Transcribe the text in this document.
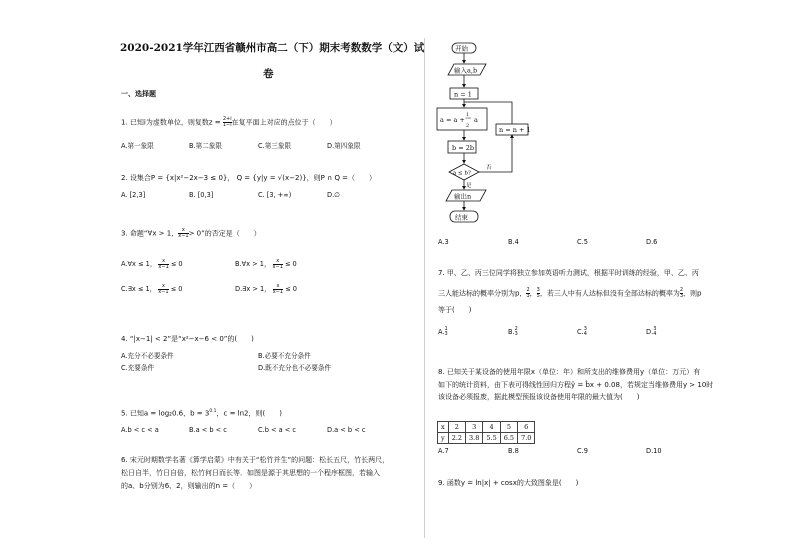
2020-2021学年江西省赣州市高二（下）期末考数数学（文）试
卷
一、选择题
1. 已知i为虚数单位，则复数$z = \frac{2+i}{1-i}$ 在复平面上对应的点位于（　　）
A.第一象限	B.第二象限	C.第三象限	D.第四象限
2. 设集合P = {x|x²−2x−3 ≤ 0}， Q = {y|y = √(x−2)}，则P ∩ Q =（　　）
A. [2,3]	B. [0,3]	C. [3, +∞)	D.∅
3. 命题“∀x > 1， $\frac{x}{x-1} > 0$”的否定是（　　）
A.∀x ≤ 1， $\frac{x}{x-1} \le 0$	B.∀x > 1， $\frac{x}{x-1} \le 0$
C.∃x ≤ 1， $\frac{x}{x-1} \le 0$	D.∃x > 1， $\frac{x}{x-1} \le 0$
4. “|x−1| < 2”是“x²−x−6 < 0”的(　　)
A.充分不必要条件	B.必要不充分条件
C.充要条件	D.既不充分也不必要条件
5. 已知a = log₂0.6，$b = 3^{0.1}$，c = ln2，则(　　)
A.b < c < a	B.a < b < c	C.b < a < c	D.a < b < c
6. 宋元时期数学名著《算学启蒙》中有关于“松竹并生”的问题：松长五尺，竹长两尺，
松日自半，竹日自倍，松竹何日而长等．如图是源于其思想的一个程序框图，若输入
的a、b分别为6、2，则输出的n =（　　）
开始
输入a,b
n = 1
a = a +
1
2
a
b = 2b
a ≤ b?
n = n + 1
否
是
输出n
结束
A.3	B.4	C.5	D.6
7. 甲、乙、丙三位同学将独立参加英语听力测试，根据平时训练的经验，甲、乙、丙
三人能达标的概率分别为p， $\frac{2}{3}$ ， $\frac{3}{5}$ ，若三人中有人达标但没有全部达标的概率为 $\frac{2}{3}$ ，则p
等于(　　)
A. 1
3	B. 2
3	C. 3
4	D. 3
4
8. 已知关于某设备的使用年限x（单位：年）和所支出的维修费用y（单位：万元）有
如下的统计资料，由下表可得线性回归方程ŷ = b̂x + 0.08，若规定当维修费用y > 10时
该设备必须报废，据此模型预报该设备使用年限的最大值为(　　)
x	2	3	4	5	6
y	2.2	3.8	5.5	6.5	7.0
A.7	B.8	C.9	D.10
9. 函数y = ln|x| + cosx的大致图象是(　　)
